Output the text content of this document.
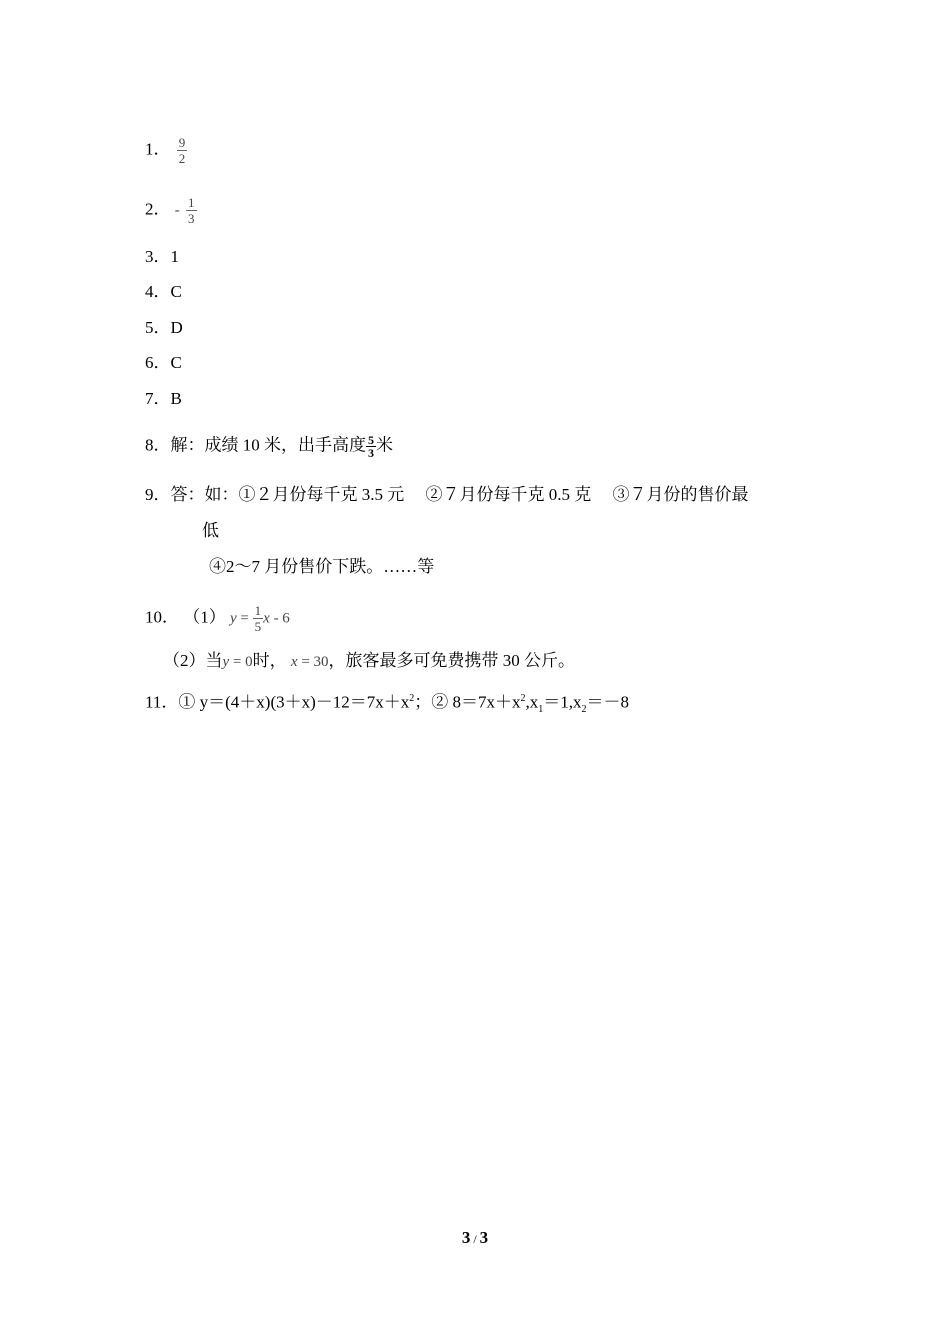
1． $\frac{9}{2}$
2． - $\frac{1}{3}$
3．1
4．C
5．D
6．C
7．B
8．解：成绩 10 米，出手高度 $\frac{5}{3}$ 米
9．答：如：①２月份每千克 3.5 元　 ②７月份每千克 0.5 克　 ③７月份的售价最
低
④2～7 月份售价下跌。……等
10． （1） $y = \frac{1}{5}$ x - 6
（2）当y = 0时， x = 30，旅客最多可免费携带 30 公斤。
11．① $y=(4+x)(3+x)-12=7x+x^2$；② $8=7x+x^2,x_1=1,x_2=-8$
3 / 3
